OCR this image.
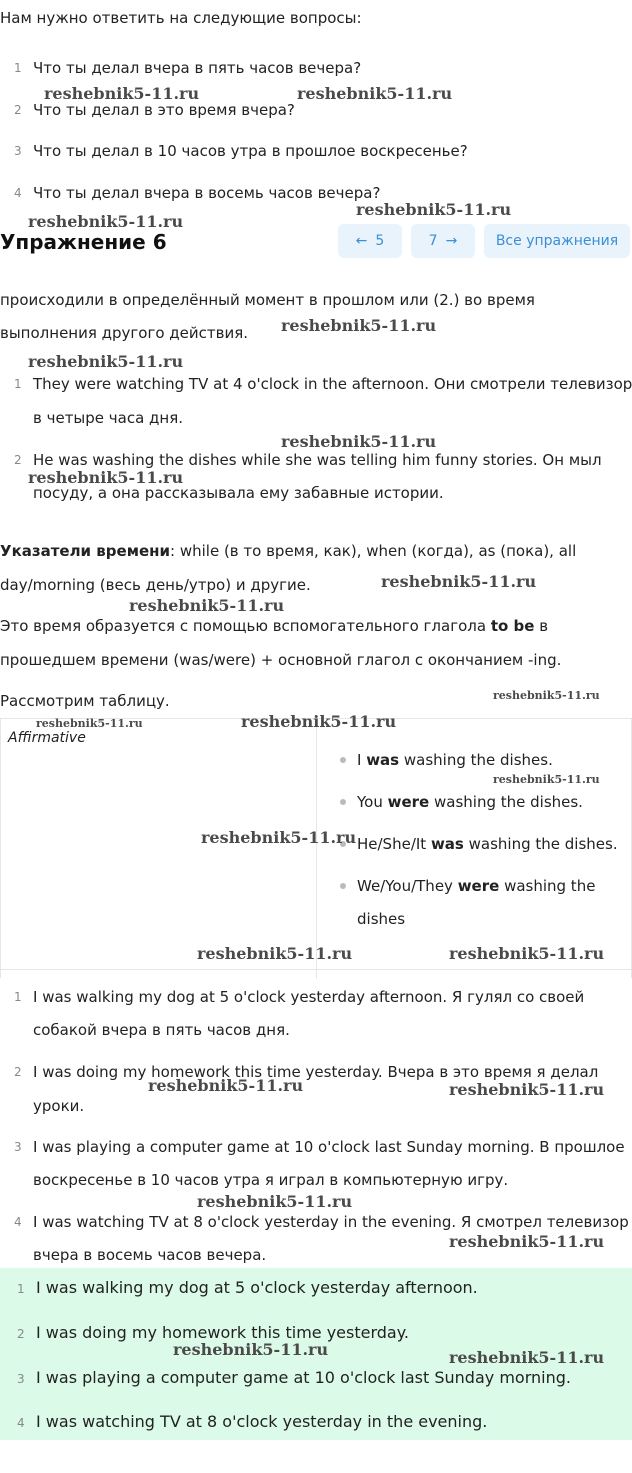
Нам нужно ответить на следующие вопросы:
1 Что ты делал вчера в пять часов вечера?
2 Что ты делал в это время вчера?
3 Что ты делал в 10 часов утра в прошлое воскресенье?
4 Что ты делал вчера в восемь часов вечера?
Упражнение 6	← 5	7 →	Все упражнения
происходили в определённый момент в прошлом или (2.) во время
выполнения другого действия.
1 They were watching TV at 4 o'clock in the afternoon. Они смотрели телевизор
в четыре часа дня.
2 He was washing the dishes while she was telling him funny stories. Он мыл
посуду, а она рассказывала ему забавные истории.
Указатели времени: while (в то время, как), when (когда), as (пока), all
day/morning (весь день/утро) и другие.
Это время образуется с помощью вспомогательного глагола to be в
прошедшем времени (was/were) + основной глагол с окончанием -ing.
Рассмотрим таблицу.
Affirmative
I was washing the dishes.
You were washing the dishes.
He/She/It was washing the dishes.
We/You/They were washing the
dishes
1 I was walking my dog at 5 o'clock yesterday afternoon. Я гулял со своей
собакой вчера в пять часов дня.
2 I was doing my homework this time yesterday. Вчера в это время я делал
уроки.
3 I was playing a computer game at 10 o'clock last Sunday morning. В прошлое
воскресенье в 10 часов утра я играл в компьютерную игру.
4 I was watching TV at 8 o'clock yesterday in the evening. Я смотрел телевизор
вчера в восемь часов вечера.
1 I was walking my dog at 5 o'clock yesterday afternoon.
2 I was doing my homework this time yesterday.
3 I was playing a computer game at 10 o'clock last Sunday morning.
4 I was watching TV at 8 o'clock yesterday in the evening.
reshebnik5-11.ru	reshebnik5-11.ru
reshebnik5-11.ru
reshebnik5-11.ru
reshebnik5-11.ru
reshebnik5-11.ru
reshebnik5-11.ru
reshebnik5-11.ru
reshebnik5-11.ru
reshebnik5-11.ru
reshebnik5-11.ru
reshebnik5-11.ru	reshebnik5-11.ru
reshebnik5-11.ru
reshebnik5-11.ru
reshebnik5-11.ru	reshebnik5-11.ru
reshebnik5-11.ru	reshebnik5-11.ru
reshebnik5-11.ru
reshebnik5-11.ru
reshebnik5-11.ru	reshebnik5-11.ru
